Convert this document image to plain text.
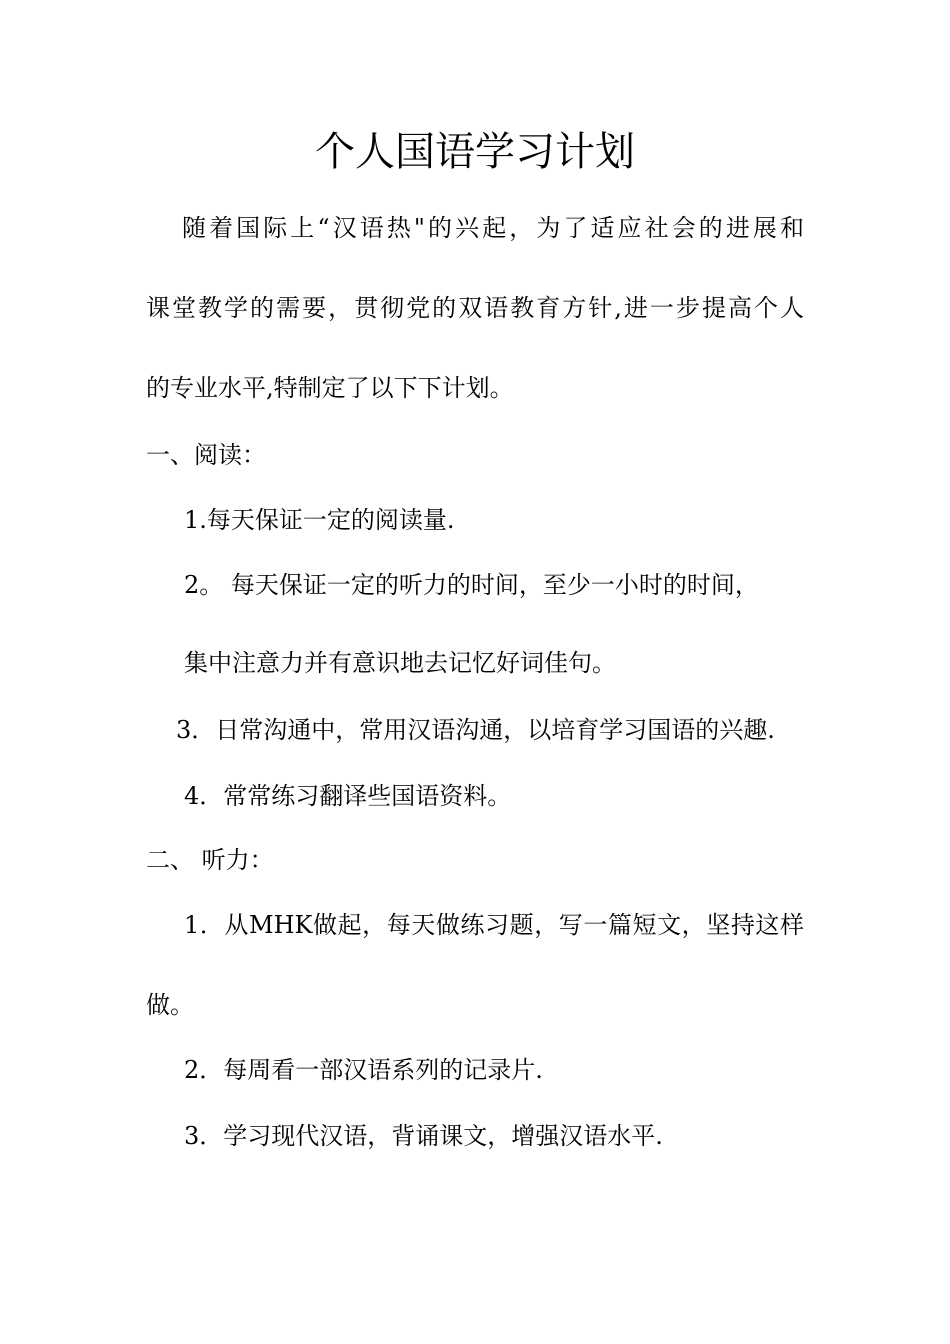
个人国语学习计划
随着国际上“汉语热"的兴起，为了适应社会的进展和
课堂教学的需要，贯彻党的双语教育方针,进一步提高个人
的专业水平,特制定了以下下计划。
一、阅读：
1.每天保证一定的阅读量.
2。 每天保证一定的听力的时间，至少一小时的时间，
集中注意力并有意识地去记忆好词佳句。
3．日常沟通中，常用汉语沟通，以培育学习国语的兴趣.
4．常常练习翻译些国语资料。
二、 听力：
1．从MHK做起，每天做练习题，写一篇短文，坚持这样
做。
2．每周看一部汉语系列的记录片.
3．学习现代汉语，背诵课文，增强汉语水平.
